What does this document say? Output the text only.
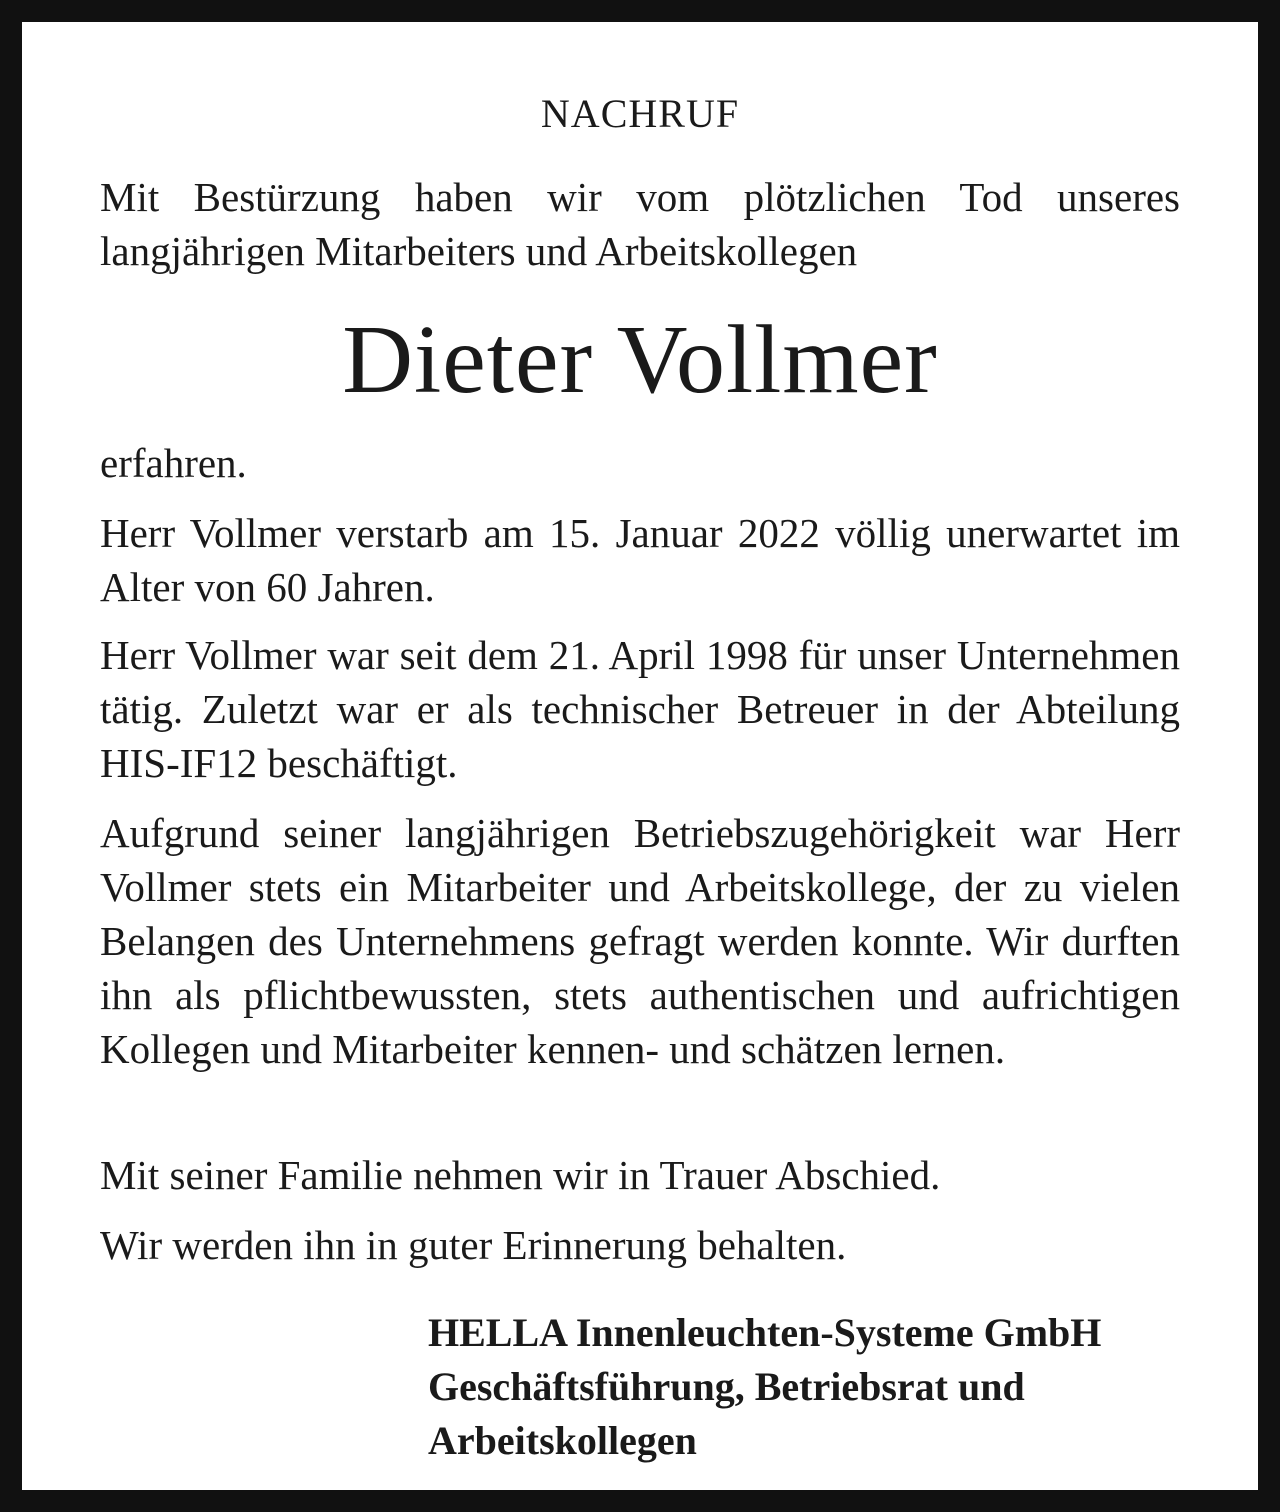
NACHRUF
Mit Bestürzung haben wir vom plötzlichen Tod unseres langjährigen Mitarbeiters und Arbeitskollegen
Dieter Vollmer

erfahren.

Herr Vollmer verstarb am 15. Januar 2022 völlig unerwartet im Alter von 60 Jahren.

Herr Vollmer war seit dem 21. April 1998 für unser Unternehmen tätig. Zuletzt war er als technischer Betreuer in der Abteilung HIS-IF12 beschäftigt.

Aufgrund seiner langjährigen Betriebszugehörigkeit war Herr Vollmer stets ein Mitarbeiter und Arbeitskollege, der zu vielen Belangen des Unternehmens gefragt werden konnte. Wir durften ihn als pflichtbewussten, stets authentischen und aufrichtigen Kollegen und Mitarbeiter kennen- und schätzen lernen.

Mit seiner Familie nehmen wir in Trauer Abschied.

Wir werden ihn in guter Erinnerung behalten.

HELLA Innenleuchten-Systeme GmbH
Geschäftsführung, Betriebsrat und
Arbeitskollegen
